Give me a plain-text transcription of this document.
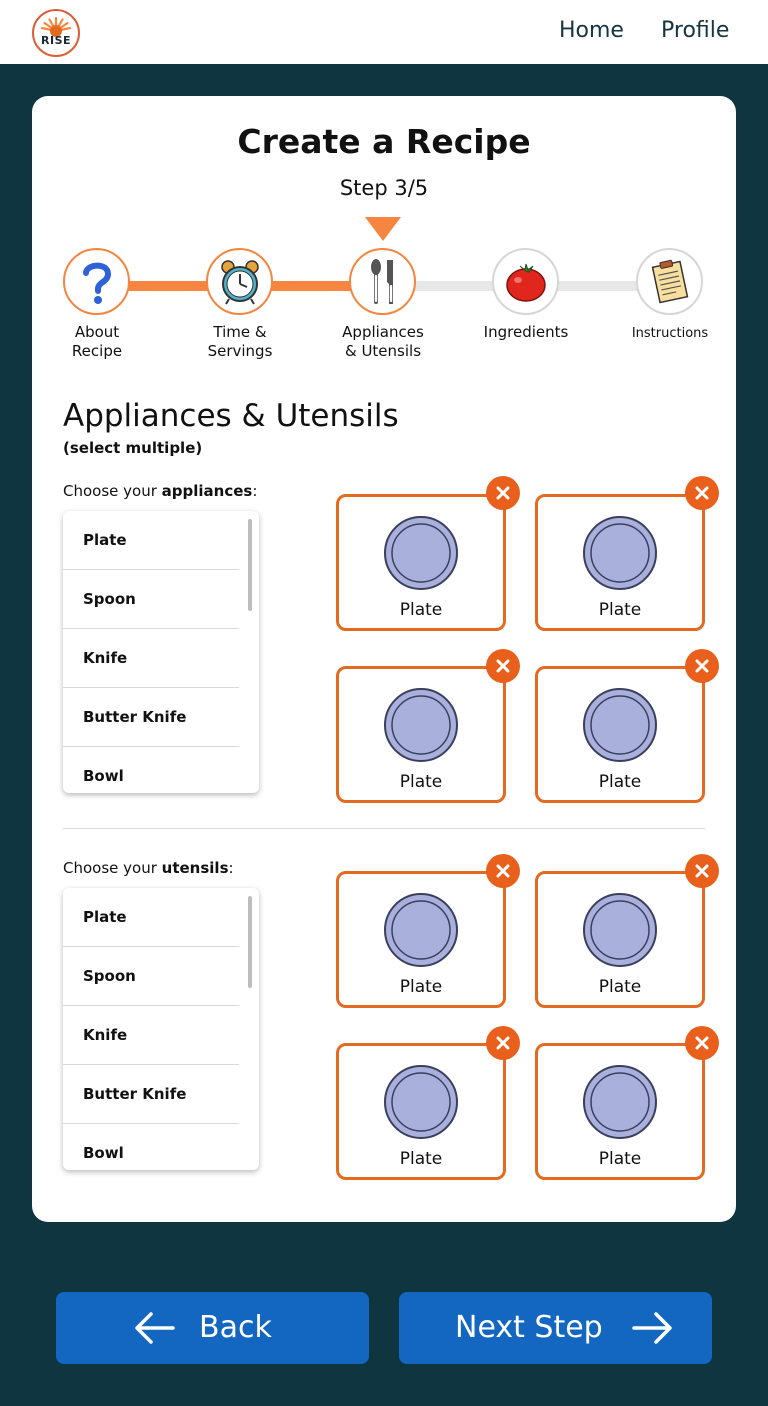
RISE	Home Profile
Create a Recipe
Step 3/5
About
Recipe
Time &
Servings
Appliances
& Utensils
Ingredients	Instructions
Appliances & Utensils
(select multiple)
Choose your appliances:
Plate
Spoon
Knife
Butter Knife
Bowl
Plate	Plate
Plate	Plate
Choose your utensils:
Plate
Spoon
Knife
Butter Knife
Bowl
Plate	Plate
Plate	Plate
Back	Next Step
